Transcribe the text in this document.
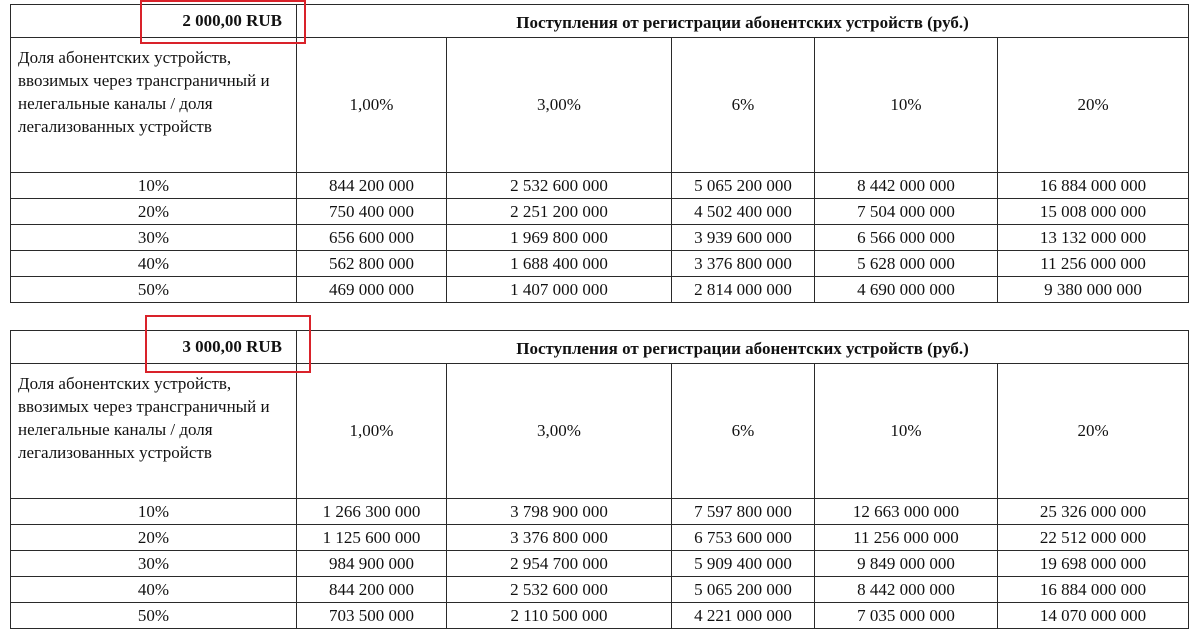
2 000,00 RUB	Поступления от регистрации абонентских устройств (руб.)				
Доля абонентских устройств, ввозимых через трансграничный и нелегальные каналы / доля легализованных устройств	1,00%	3,00%	6%	10%	20%
10%	844 200 000	2 532 600 000	5 065 200 000	8 442 000 000	16 884 000 000
20%	750 400 000	2 251 200 000	4 502 400 000	7 504 000 000	15 008 000 000
30%	656 600 000	1 969 800 000	3 939 600 000	6 566 000 000	13 132 000 000
40%	562 800 000	1 688 400 000	3 376 800 000	5 628 000 000	11 256 000 000
50%	469 000 000	1 407 000 000	2 814 000 000	4 690 000 000	9 380 000 000
3 000,00 RUB	Поступления от регистрации абонентских устройств (руб.)				
Доля абонентских устройств, ввозимых через трансграничный и нелегальные каналы / доля легализованных устройств	1,00%	3,00%	6%	10%	20%
10%	1 266 300 000	3 798 900 000	7 597 800 000	12 663 000 000	25 326 000 000
20%	1 125 600 000	3 376 800 000	6 753 600 000	11 256 000 000	22 512 000 000
30%	984 900 000	2 954 700 000	5 909 400 000	9 849 000 000	19 698 000 000
40%	844 200 000	2 532 600 000	5 065 200 000	8 442 000 000	16 884 000 000
50%	703 500 000	2 110 500 000	4 221 000 000	7 035 000 000	14 070 000 000
